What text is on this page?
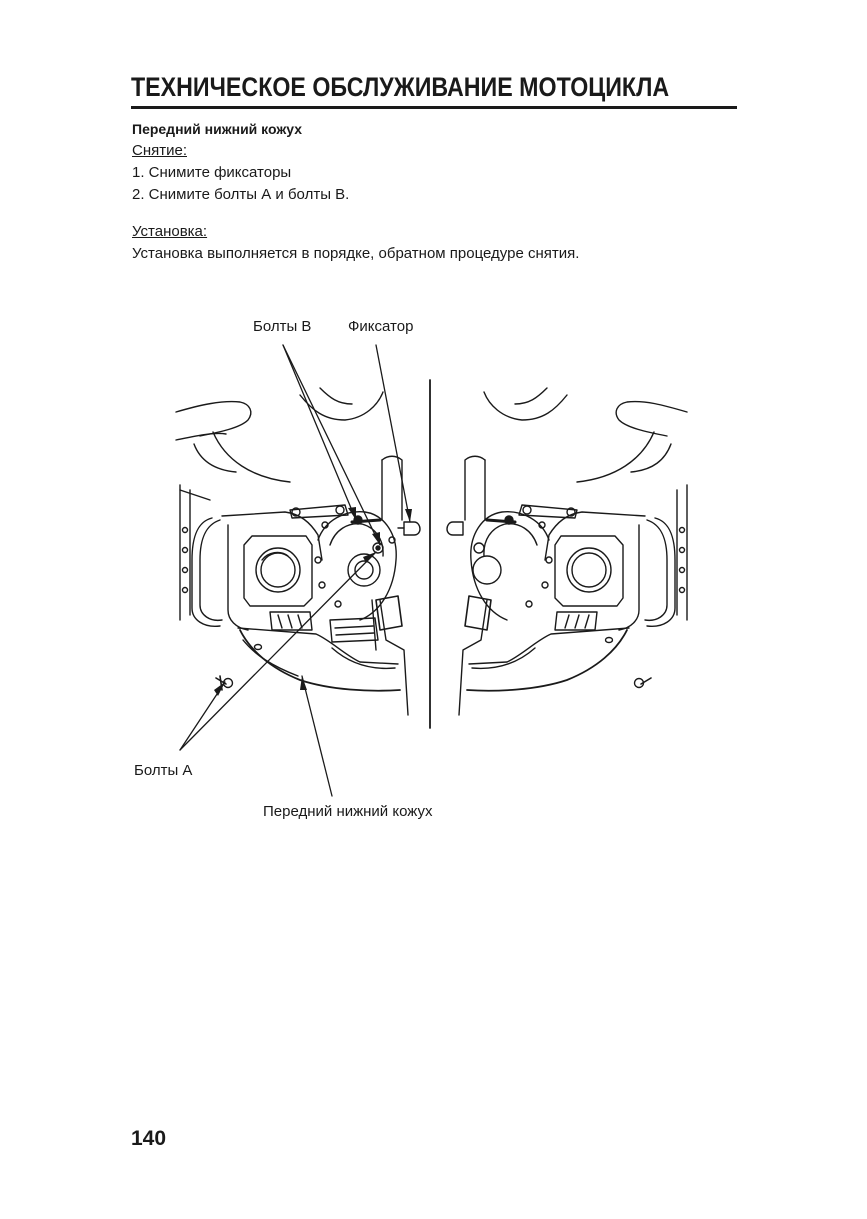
ТЕХНИЧЕСКОЕ ОБСЛУЖИВАНИЕ МОТОЦИКЛА
Передний нижний кожух
Снятие:
1. Снимите фиксаторы
2. Снимите болты А и болты В.
Установка:
Установка выполняется в порядке, обратном процедуре снятия.
Болты В Фиксатор
Болты А
Передний нижний кожух
140
